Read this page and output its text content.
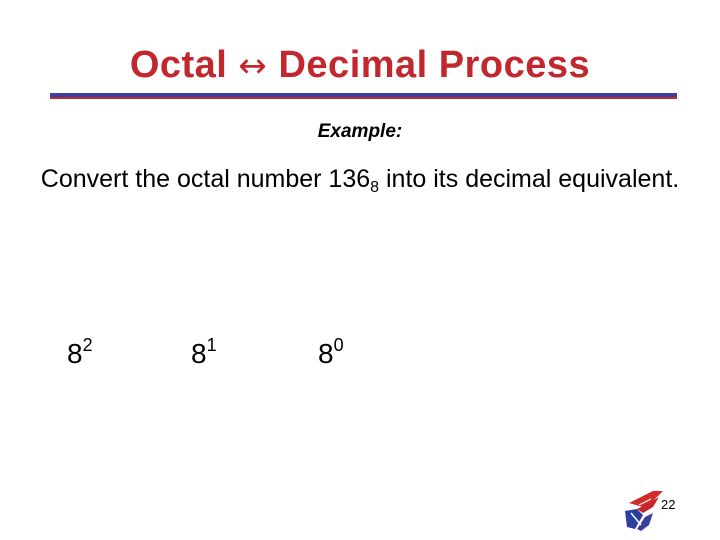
Octal ↔ Decimal Process
Example:
Convert the octal number $136_8$ into its decimal equivalent.
$8^2$	$8^1$	$8^0$
22
